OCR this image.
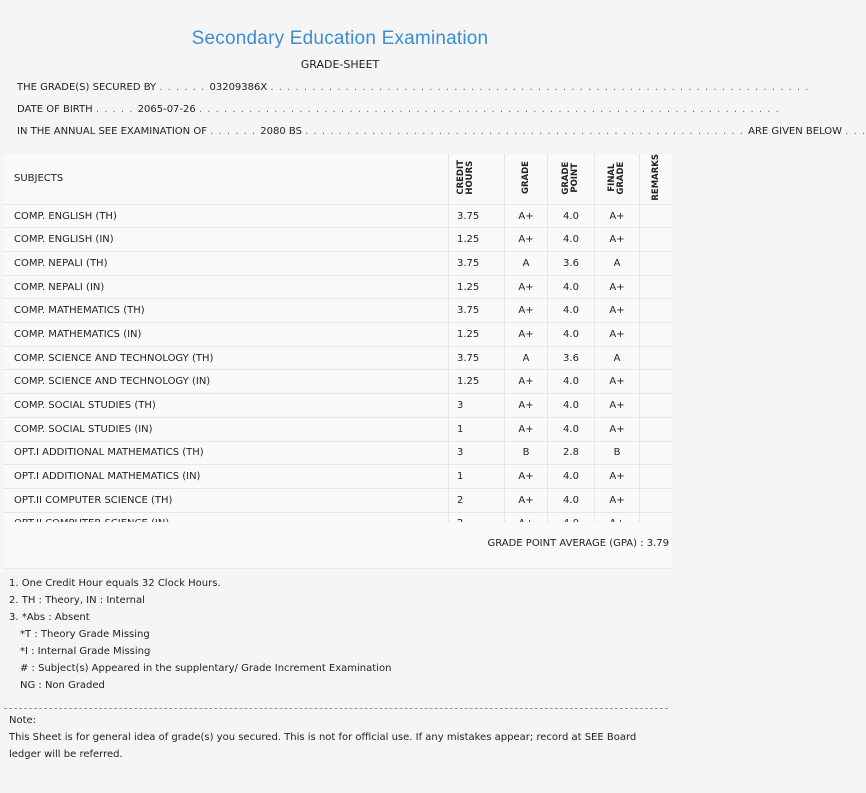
Secondary Education Examination
GRADE-SHEET
THE GRADE(S) SECURED BY . . . . . . 03209386X . . . . . . . . . . . . . . . . . . . . . . . . . . . . . . . . . . . . . . . . . . . . . . . . . . . . . . . . . . . . . . . . .
DATE OF BIRTH . . . . . 2065-07-26 . . . . . . . . . . . . . . . . . . . . . . . . . . . . . . . . . . . . . . . . . . . . . . . . . . . . . . . . . . . . . . . . . . . . . .
IN THE ANNUAL SEE EXAMINATION OF . . . . . . 2080 BS . . . . . . . . . . . . . . . . . . . . . . . . . . . . . . . . . . . . . . . . . . . . . . . . . . . . . ARE GIVEN BELOW . . .
SUBJECTS	CREDIT HOURS	GRADE	GRADE POINT	FINAL GRADE	REMARKS
COMP. ENGLISH (TH)	3.75	A+	4.0	A+	
COMP. ENGLISH (IN)	1.25	A+	4.0	A+	
COMP. NEPALI (TH)	3.75	A	3.6	A	
COMP. NEPALI (IN)	1.25	A+	4.0	A+	
COMP. MATHEMATICS (TH)	3.75	A+	4.0	A+	
COMP. MATHEMATICS (IN)	1.25	A+	4.0	A+	
COMP. SCIENCE AND TECHNOLOGY (TH)	3.75	A	3.6	A	
COMP. SCIENCE AND TECHNOLOGY (IN)	1.25	A+	4.0	A+	
COMP. SOCIAL STUDIES (TH)	3	A+	4.0	A+	
COMP. SOCIAL STUDIES (IN)	1	A+	4.0	A+	
OPT.I ADDITIONAL MATHEMATICS (TH)	3	B	2.8	B	
OPT.I ADDITIONAL MATHEMATICS (IN)	1	A+	4.0	A+	
OPT.II COMPUTER SCIENCE (TH)	2	A+	4.0	A+	

GRADE POINT AVERAGE (GPA) : 3.79
1. One Credit Hour equals 32 Clock Hours.
2. TH : Theory, IN : Internal
3. *Abs : Absent
*T : Theory Grade Missing
*I : Internal Grade Missing
# : Subject(s) Appeared in the supplentary/ Grade Increment Examination
NG : Non Graded
Note:
This Sheet is for general idea of grade(s) you secured. This is not for official use. If any mistakes appear; record at SEE Board ledger will be referred.
